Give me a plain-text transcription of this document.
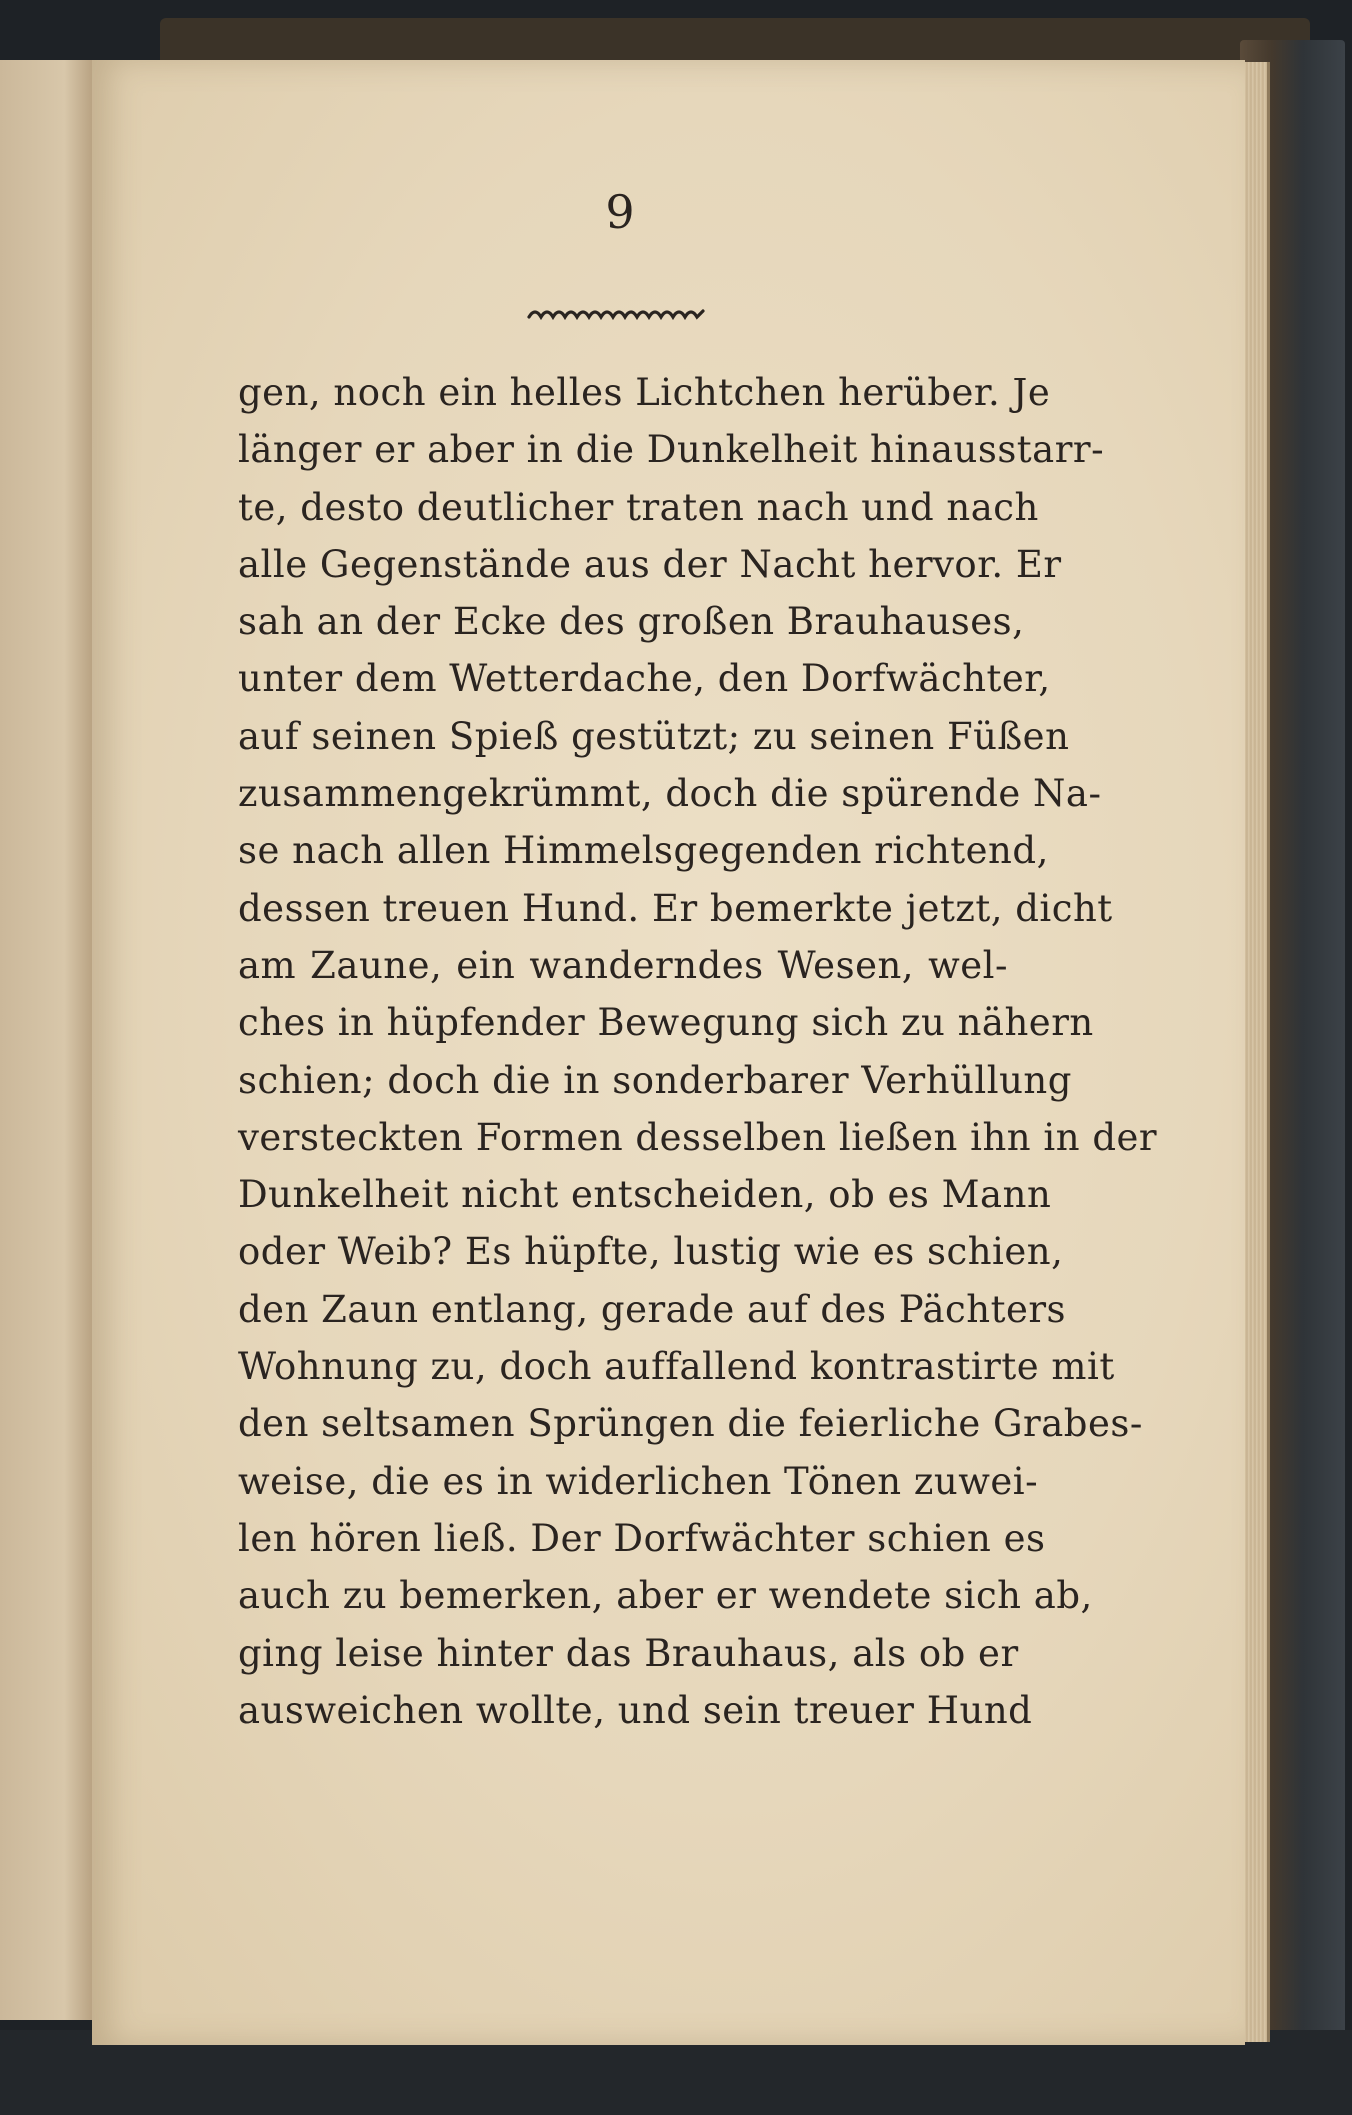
9
gen, noch ein helles Lichtchen herüber. Je
länger er aber in die Dunkelheit hinausstarr-
te, desto deutlicher traten nach und nach
alle Gegenstände aus der Nacht hervor. Er
sah an der Ecke des großen Brauhauses,
unter dem Wetterdache, den Dorfwächter,
auf seinen Spieß gestützt; zu seinen Füßen
zusammengekrümmt, doch die spürende Na-
se nach allen Himmelsgegenden richtend,
dessen treuen Hund. Er bemerkte jetzt, dicht
am Zaune, ein wanderndes Wesen, wel-
ches in hüpfender Bewegung sich zu nähern
schien; doch die in sonderbarer Verhüllung
versteckten Formen desselben ließen ihn in der
Dunkelheit nicht entscheiden, ob es Mann
oder Weib? Es hüpfte, lustig wie es schien,
den Zaun entlang, gerade auf des Pächters
Wohnung zu, doch auffallend kontrastirte mit
den seltsamen Sprüngen die feierliche Grabes-
weise, die es in widerlichen Tönen zuwei-
len hören ließ. Der Dorfwächter schien es
auch zu bemerken, aber er wendete sich ab,
ging leise hinter das Brauhaus, als ob er
ausweichen wollte, und sein treuer Hund
